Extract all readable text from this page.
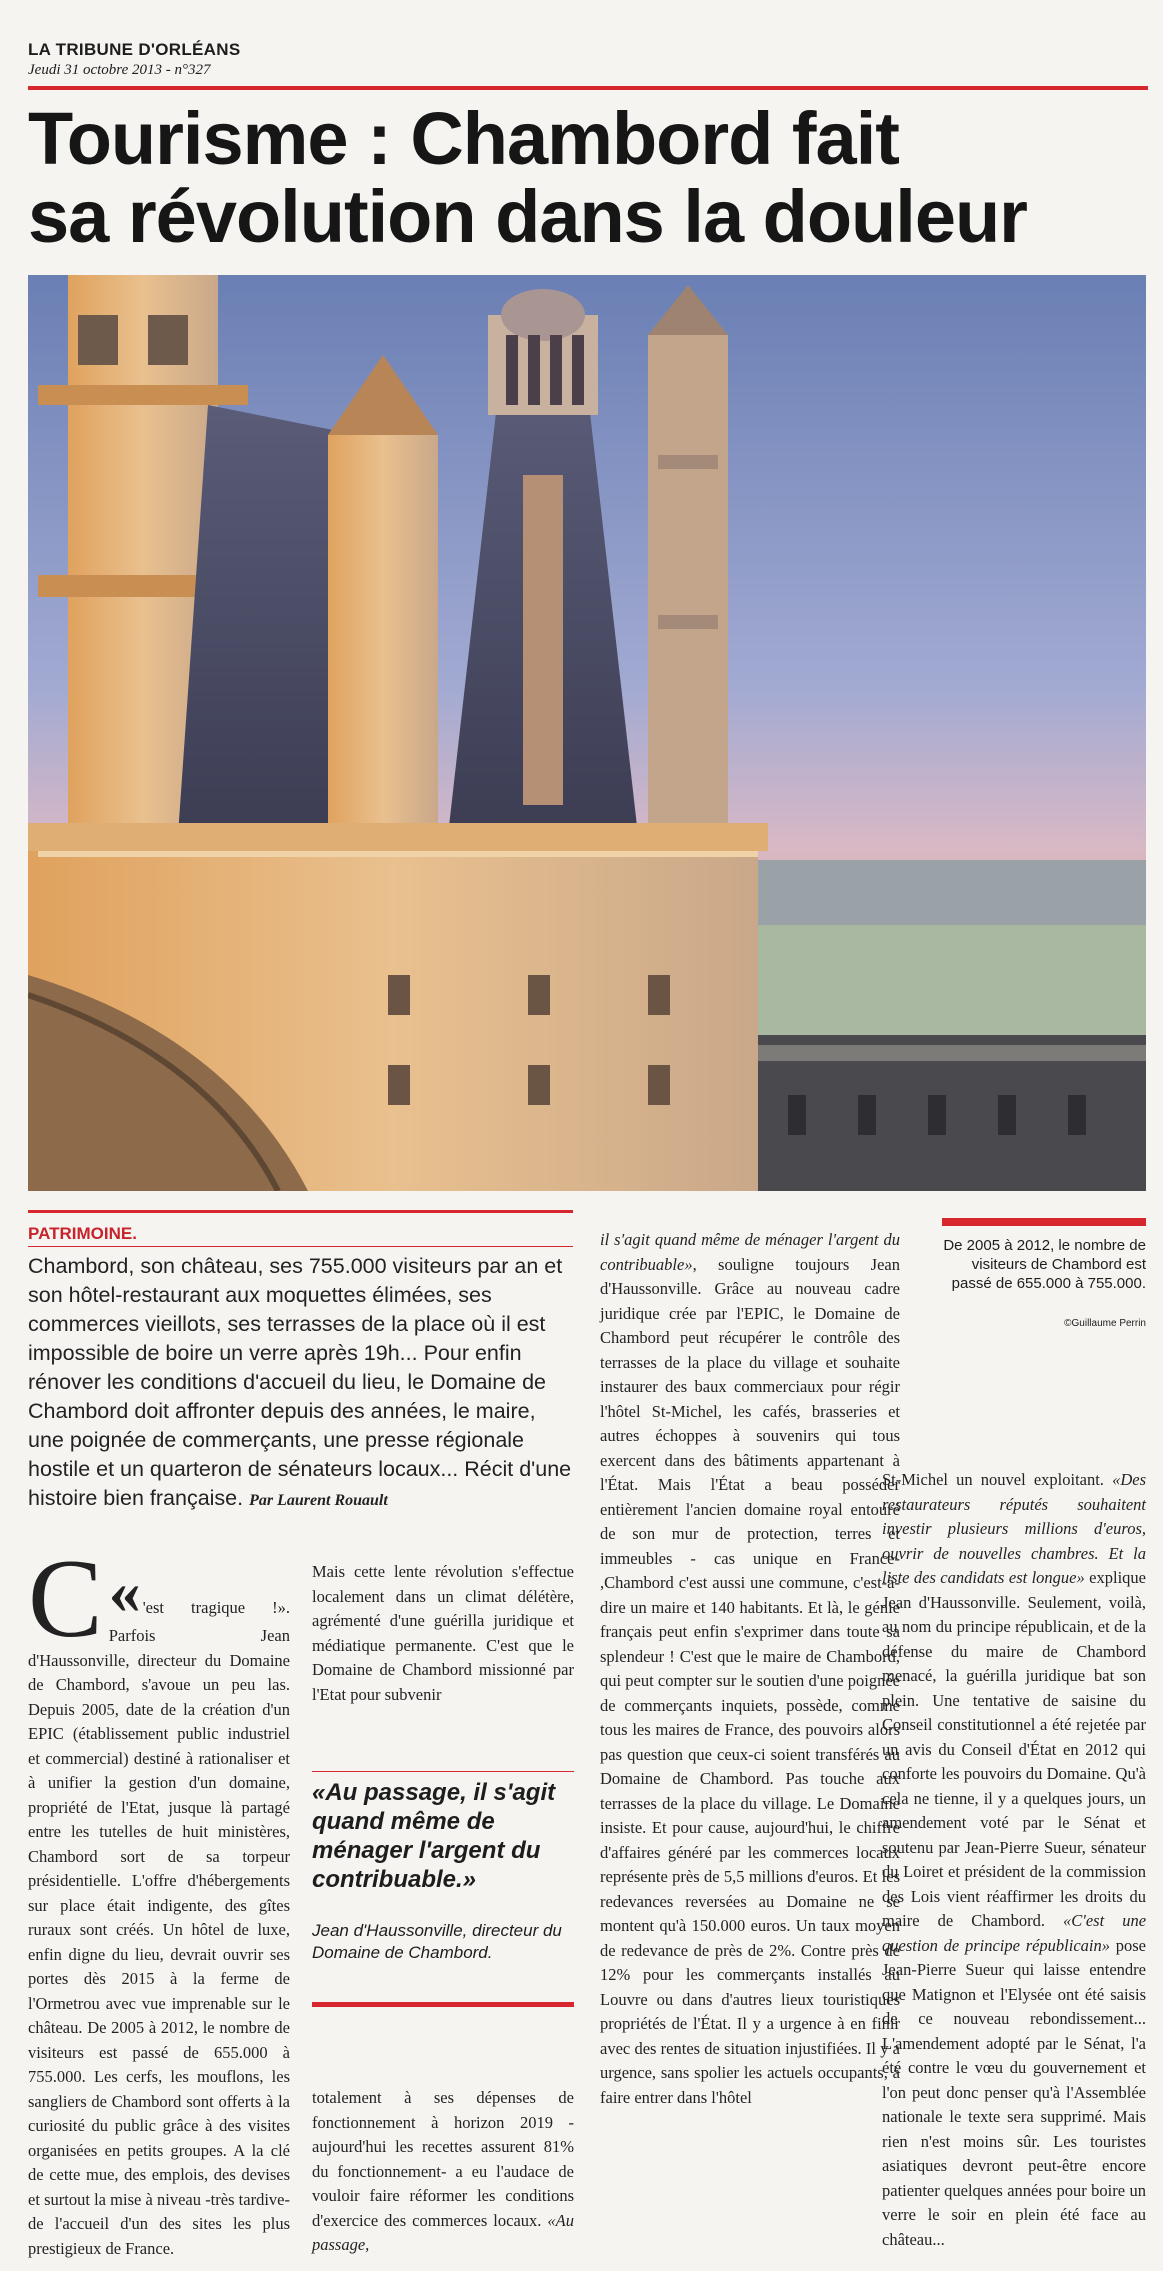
LA TRIBUNE D'ORLÉANS
Jeudi 31 octobre 2013 - n°327
Tourisme : Chambord fait
sa révolution dans la douleur
PATRIMOINE.
Chambord, son château, ses 755.000 visiteurs par an et son hôtel-restaurant aux moquettes élimées, ses commerces vieillots, ses terrasses de la place où il est impossible de boire un verre après 19h... Pour enfin rénover les conditions d'accueil du lieu, le Domaine de Chambord doit affronter depuis des années, le maire, une poignée de commerçants, une presse régionale hostile et un quarteron de sénateurs locaux... Récit d'une histoire bien française. Par Laurent Rouault
De 2005 à 2012, le nombre de visiteurs de Chambord est passé de 655.000 à 755.000.
©Guillaume Perrin

«
C 'est tragique !». Parfois Jean d'Haussonville, directeur du Domaine de Chambord, s'avoue un peu las. Depuis 2005, date de la création d'un EPIC (établissement public industriel et commercial) destiné à rationaliser et à unifier la gestion d'un domaine, propriété de l'Etat, jusque là partagé entre les tutelles de huit ministères, Chambord sort de sa torpeur présidentielle. L'offre d'hébergements sur place était indigente, des gîtes ruraux sont créés. Un hôtel de luxe, enfin digne du lieu, devrait ouvrir ses portes dès 2015 à la ferme de l'Ormetrou avec vue imprenable sur le château. De 2005 à 2012, le nombre de visiteurs est passé de 655.000 à 755.000. Les cerfs, les mouflons, les sangliers de Chambord sont offerts à la curiosité du public grâce à des visites organisées en petits groupes. A la clé de cette mue, des emplois, des devises et surtout la mise à niveau -très tardive- de l'accueil d'un des sites les plus prestigieux de France.

Mais cette lente révolution s'effectue localement dans un climat délétère, agrémenté d'une guérilla juridique et médiatique permanente. C'est que le Domaine de Chambord missionné par l'Etat pour subvenir

«Au passage, il s'agit quand même de ménager l'argent du contribuable.»
Jean d'Haussonville, directeur du Domaine de Chambord.

totalement à ses dépenses de fonctionnement à horizon 2019 -aujourd'hui les recettes assurent 81% du fonctionnement- a eu l'audace de vouloir faire réformer les conditions d'exercice des commerces locaux. «Au passage,

il s'agit quand même de ménager l'argent du contribuable», souligne toujours Jean d'Haussonville. Grâce au nouveau cadre juridique crée par l'EPIC, le Domaine de Chambord peut récupérer le contrôle des terrasses de la place du village et souhaite instaurer des baux commerciaux pour régir l'hôtel St-Michel, les cafés, brasseries et autres échoppes à souvenirs qui tous exercent dans des bâtiments appartenant à l'État. Mais l'État a beau posséder entièrement l'ancien domaine royal entouré de son mur de protection, terres et immeubles - cas unique en France- ,Chambord c'est aussi une commune, c'est-à-dire un maire et 140 habitants. Et là, le génie français peut enfin s'exprimer dans toute sa splendeur ! C'est que le maire de Chambord, qui peut compter sur le soutien d'une poignée de commerçants inquiets, possède, comme tous les maires de France, des pouvoirs alors pas question que ceux-ci soient transférés au Domaine de Chambord. Pas touche aux terrasses de la place du village. Le Domaine insiste. Et pour cause, aujourd'hui, le chiffre d'affaires généré par les commerces locaux représente près de 5,5 millions d'euros. Et les redevances reversées au Domaine ne se montent qu'à 150.000 euros. Un taux moyen de redevance de près de 2%. Contre près de 12% pour les commerçants installés au Louvre ou dans d'autres lieux touristiques propriétés de l'État. Il y a urgence à en finir avec des rentes de situation injustifiées. Il y a urgence, sans spolier les actuels occupants, à faire entrer dans l'hôtel

St-Michel un nouvel exploitant. «Des restaurateurs réputés souhaitent investir plusieurs millions d'euros, ouvrir de nouvelles chambres. Et la liste des candidats est longue» explique Jean d'Haussonville. Seulement, voilà, au nom du principe républicain, et de la défense du maire de Chambord menacé, la guérilla juridique bat son plein. Une tentative de saisine du Conseil constitutionnel a été rejetée par un avis du Conseil d'État en 2012 qui conforte les pouvoirs du Domaine. Qu'à cela ne tienne, il y a quelques jours, un amendement voté par le Sénat et soutenu par Jean-Pierre Sueur, sénateur du Loiret et président de la commission des Lois vient réaffirmer les droits du maire de Chambord. «C'est une question de principe républicain» pose Jean-Pierre Sueur qui laisse entendre que Matignon et l'Elysée ont été saisis de ce nouveau rebondissement... L'amendement adopté par le Sénat, l'a été contre le vœu du gouvernement et l'on peut donc penser qu'à l'Assemblée nationale le texte sera supprimé. Mais rien n'est moins sûr. Les touristes asiatiques devront peut-être encore patienter quelques années pour boire un verre le soir en plein été face au château...
